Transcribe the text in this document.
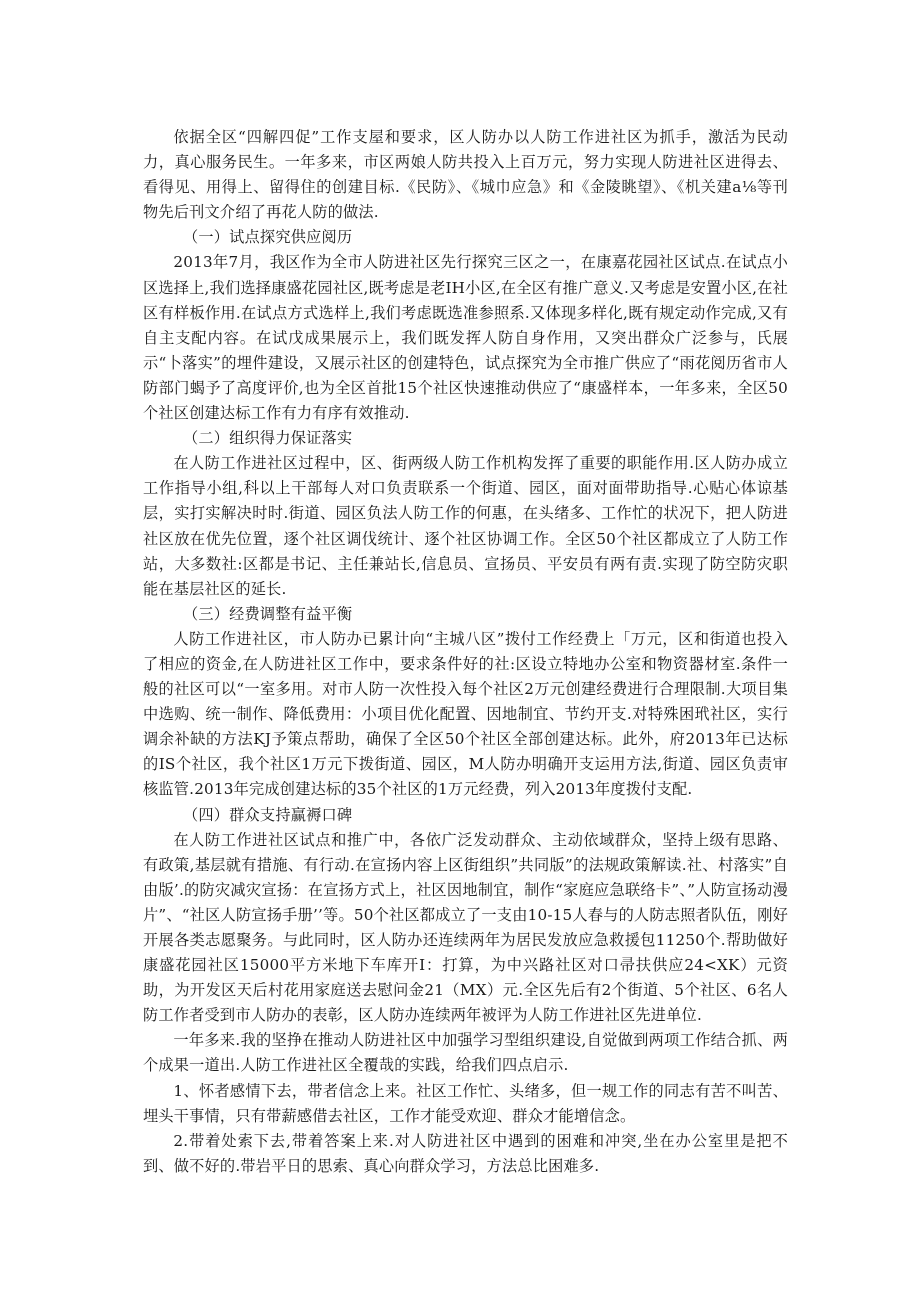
依据全区“四解四促”工作支屋和要求，区人防办以人防工作进社区为抓手，激活为民动力，真心服务民生。一年多来，市区两娘人防共投入上百万元，努力实现人防进社区进得去、看得见、用得上、留得住的创建目标.《民防》、《城巾应急》和《金陵眺望》、《机关建a⅛等刊物先后刊文介绍了再花人防的做法.

（一）试点探究供应阅历

2013年7月，我区作为全市人防进社区先行探究三区之一，在康嘉花园社区试点.在试点小区选择上,我们选择康盛花园社区,既考虑是老IH小区,在全区有推广意义.又考虑是安置小区,在社区有样板作用.在试点方式选样上,我们考虑既选准参照系.又体现多样化,既有规定动作完成,又有自主支配内容。在试戊成果展示上，我们既发挥人防自身作用，又突出群众广泛参与，氏展示“卜落实”的埋件建设，又展示社区的创建特色，试点探究为全市推广供应了“雨花阅历省市人防部门蝎予了高度评价,也为全区首批15个社区快速推动供应了“康盛样本，一年多来，全区50个社区创建达标工作有力有序有效推动.

（二）组织得力保证落实

在人防工作进社区过程中，区、街两级人防工作机构发挥了重要的职能作用.区人防办成立工作指导小组,科以上干部每人对口负责联系一个街道、园区，面对面带助指导.心贴心体谅基层，实打实解决时时.街道、园区负法人防工作的何惠，在头绪多、工作忙的状况下，把人防进社区放在优先位置，逐个社区调伐统计、逐个社区协调工作。全区50个社区都成立了人防工作站，大多数社:区都是书记、主任兼站长,信息员、宣扬员、平安员有两有责.实现了防空防灾职能在基层社区的延长.

（三）经费调整有益平衡

人防工作进社区，市人防办已累计向“主城八区”拨付工作经费上「万元，区和街道也投入了相应的资金,在人防进社区工作中，要求条件好的社:区设立特地办公室和物资器材室.条件一般的社区可以“一室多用。对市人防一次性投入每个社区2万元创建经费进行合理限制.大项目集中选购、统一制作、降低费用：小项目优化配置、因地制宜、节约开支.对特殊困玳社区，实行调余补缺的方法KJ予策点帮助，确保了全区50个社区全部创建达标。此外，府2013年已达标的IS个社区，我个社区1万元下拨街道、园区，M人防办明确开支运用方法,街道、园区负责审核监管.2013年完成创建达标的35个社区的1万元经费，列入2013年度拨付支配.

（四）群众支持赢褥口碑

在人防工作进社区试点和推广中，各依广泛发动群众、主动依域群众，坚持上级有思路、有政策,基层就有措施、有行动.在宣扬内容上区街组织”共同版”的法规政策解读.社、村落实”自由版’.的防灾减灾宣扬：在宣扬方式上，社区因地制宜，制作“家庭应急联络卡”、”人防宣扬动漫片”、“社区人防宣扬手册’’等。50个社区都成立了一支由10-15人春与的人防志照者队伍，刚好开展各类志愿聚务。与此同时，区人防办还连续两年为居民发放应急救援包11250个.帮助做好康盛花园社区15000平方米地下车库开I：打算，为中兴路社区对口帚扶供应24<XK）元资助，为开发区天后村花用家庭送去慰问金21（MX）元.全区先后有2个街道、5个社区、6名人防工作者受到市人防办的表彰，区人防办连续两年被评为人防工作进社区先进单位.

一年多来.我的坚挣在推动人防进社区中加强学习型组织建设,自觉做到两项工作结合抓、两个成果一道出.人防工作进社区全覆哉的实践，给我们四点启示.

1、怀者感情下去，带者信念上来。社区工作忙、头绪多，但一规工作的同志有苦不叫苦、埋头干事情，只有带薪感借去社区，工作才能受欢迎、群众才能增信念。

2.带着处索下去,带着答案上来.对人防进社区中遇到的困难和冲突,坐在办公室里是把不到、做不好的.带岩平日的思索、真心向群众学习，方法总比困难多.
